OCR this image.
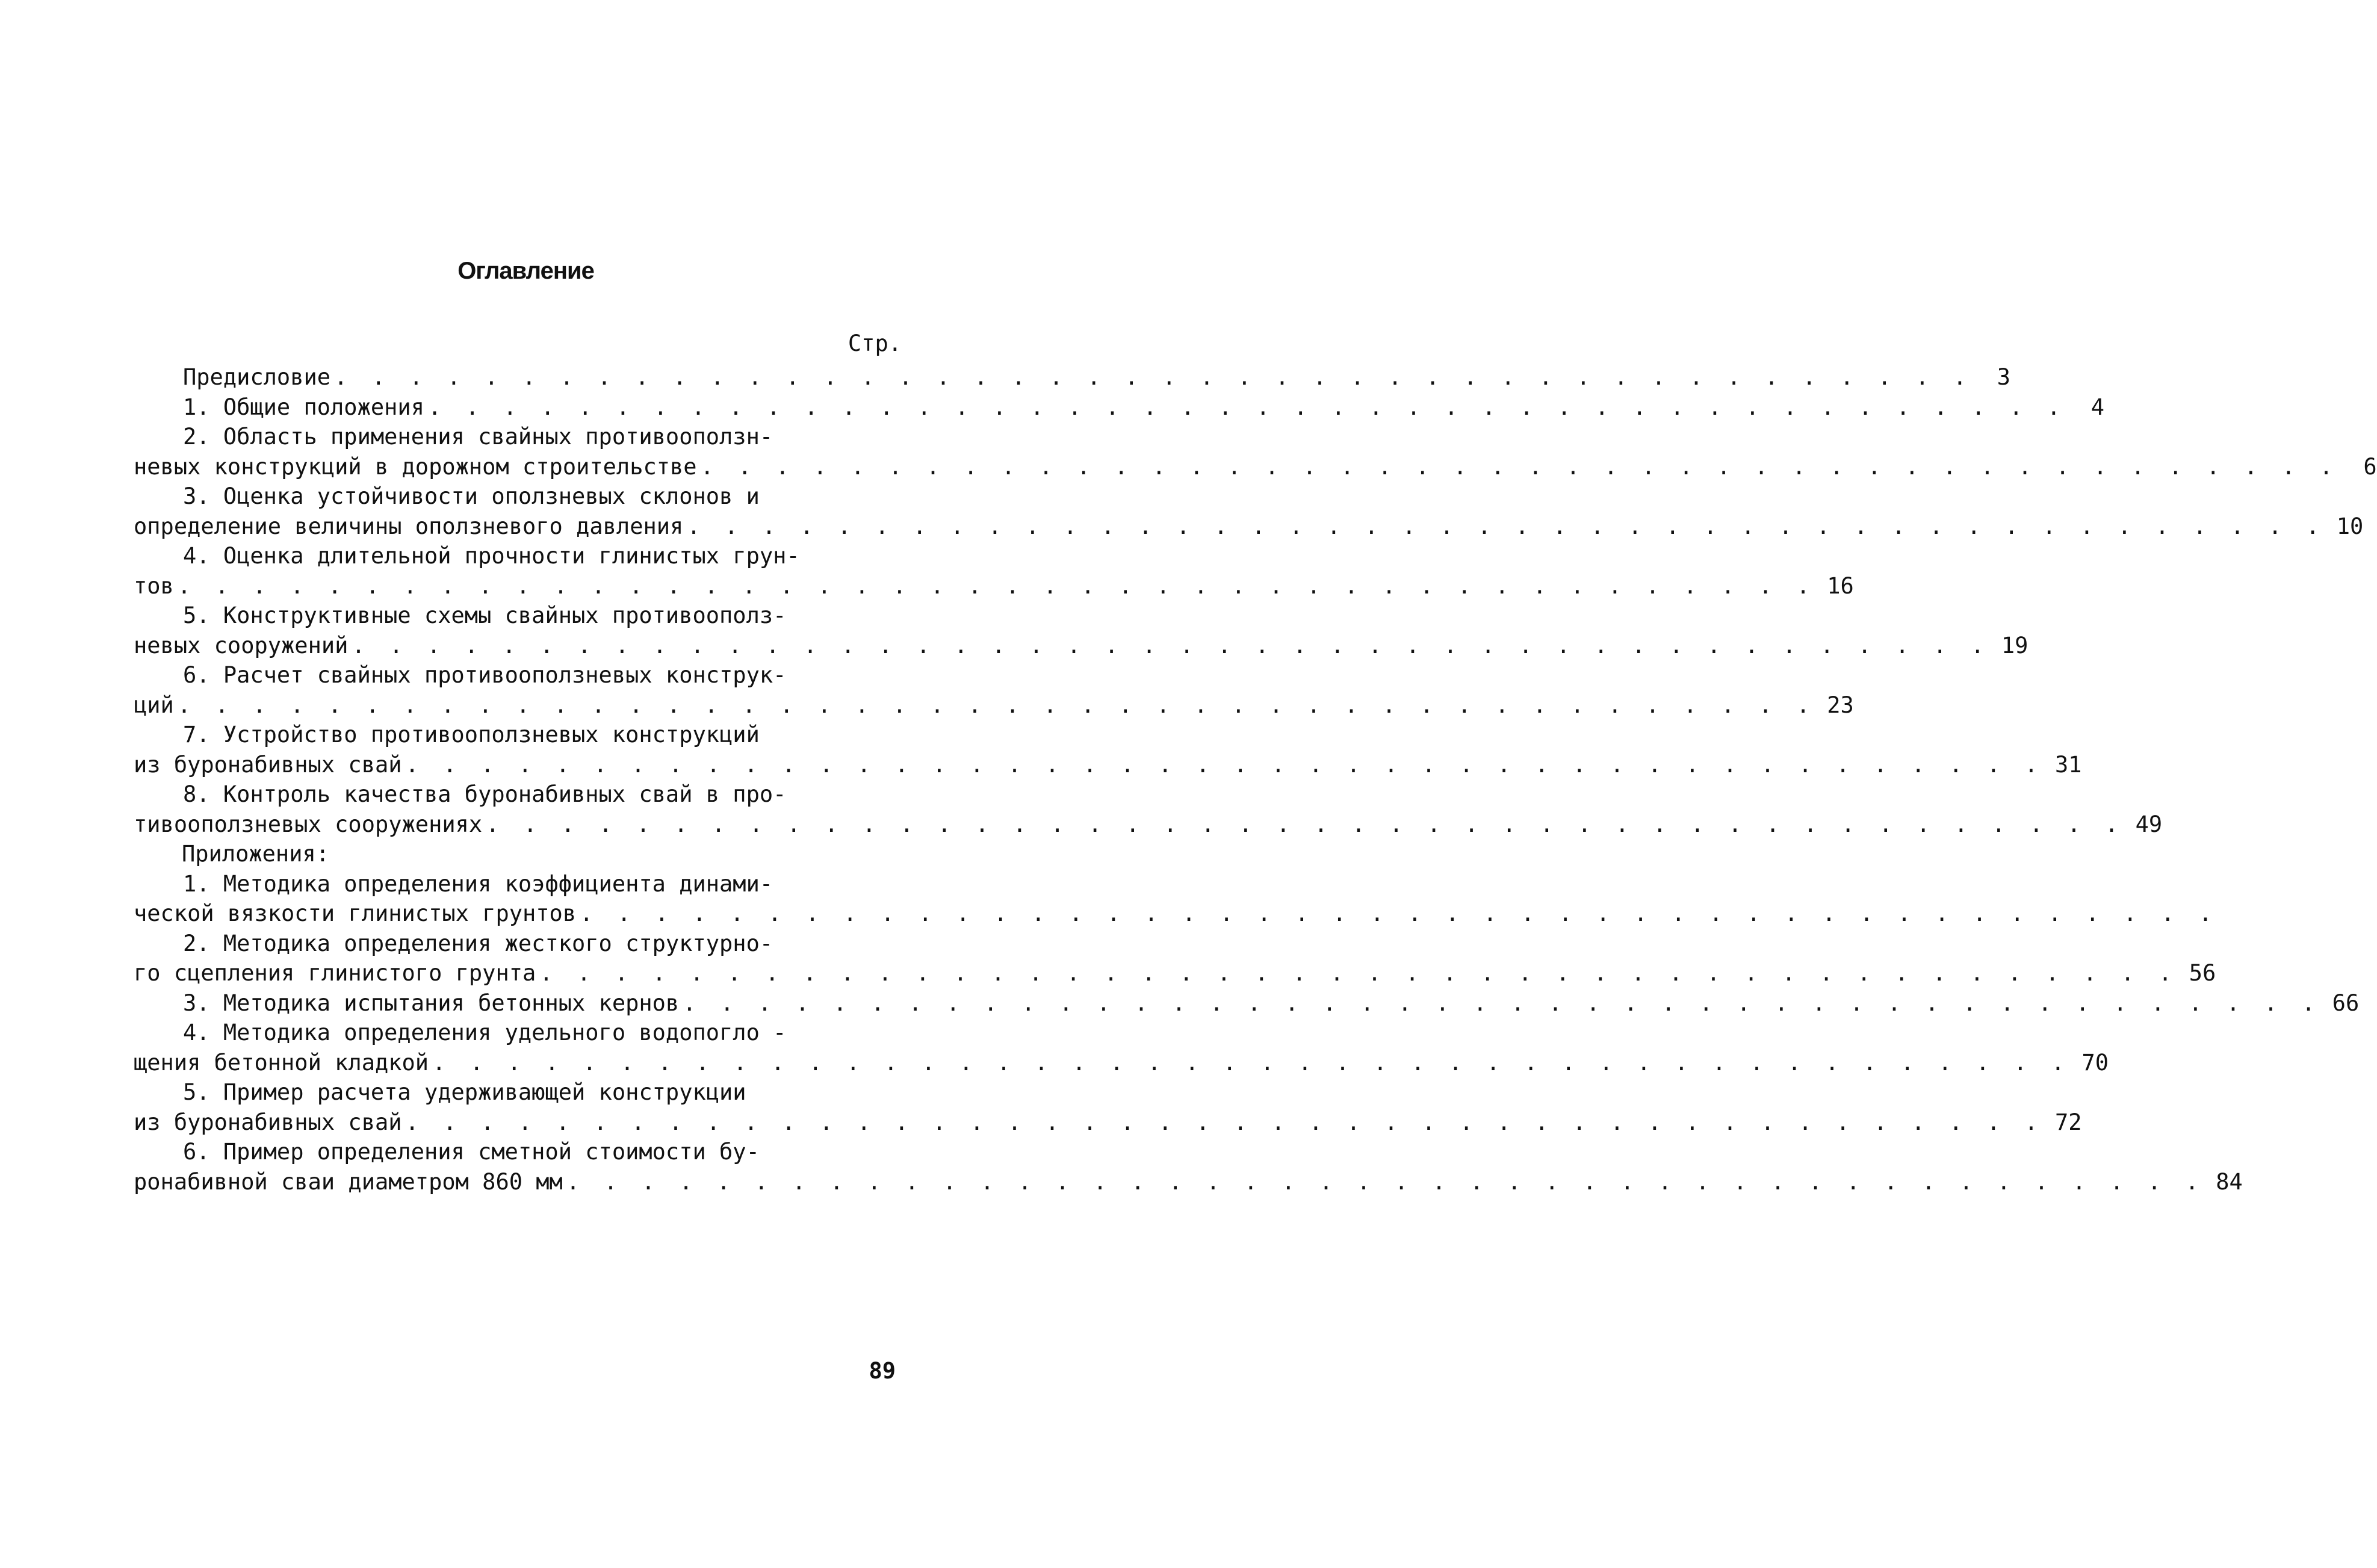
Оглавление
Стр.
Предисловие . . . . . . . . . . . . . . . . . . . . . . . . . . . . . . . . . . . . . . . . . . . .	3
1. Общие положения . . . . . . . . . . . . . . . . . . . . . . . . . . . . . . . . . . . . . . . . . . . .	4
2. Область применения свайных противооползн-
невых конструкций в дорожном строительстве . . . . . . . . . . . . . . . . . . . . . . . . . . . . . . . . . . . . . . . . . . . .	6
3. Оценка устойчивости оползневых склонов и
определение величины оползневого давления . . . . . . . . . . . . . . . . . . . . . . . . . . . . . . . . . . . . . . . . . . . . 10
4. Оценка длительной прочности глинистых грун-
тов . . . . . . . . . . . . . . . . . . . . . . . . . . . . . . . . . . . . . . . . . . . . 16
5. Конструктивные схемы свайных противоополз-
невых сооружений . . . . . . . . . . . . . . . . . . . . . . . . . . . . . . . . . . . . . . . . . . . . 19
6. Расчет свайных противооползневых конструк-
ций . . . . . . . . . . . . . . . . . . . . . . . . . . . . . . . . . . . . . . . . . . . . 23
7. Устройство противооползневых конструкций
из буронабивных свай . . . . . . . . . . . . . . . . . . . . . . . . . . . . . . . . . . . . . . . . . . . . 31
8. Контроль качества буронабивных свай в про-
тивооползневых сооружениях . . . . . . . . . . . . . . . . . . . . . . . . . . . . . . . . . . . . . . . . . . . . 49
Приложения:
1. Методика определения коэффициента динами-
ческой вязкости глинистых грунтов . . . . . . . . . . . . . . . . . . . . . . . . . . . . . . . . . . . . . . . . . . . .
2. Методика определения жесткого структурно-
го сцепления глинистого грунта . . . . . . . . . . . . . . . . . . . . . . . . . . . . . . . . . . . . . . . . . . . . 56
3. Методика испытания бетонных кернов . . . . . . . . . . . . . . . . . . . . . . . . . . . . . . . . . . . . . . . . . . . . 66
4. Методика определения удельного водопогло -
щения бетонной кладкой . . . . . . . . . . . . . . . . . . . . . . . . . . . . . . . . . . . . . . . . . . . . 70
5. Пример расчета удерживающей конструкции
из буронабивных свай . . . . . . . . . . . . . . . . . . . . . . . . . . . . . . . . . . . . . . . . . . . . 72
6. Пример определения сметной стоимости бу-
ронабивной сваи диаметром 860 мм . . . . . . . . . . . . . . . . . . . . . . . . . . . . . . . . . . . . . . . . . . . . 84
89
